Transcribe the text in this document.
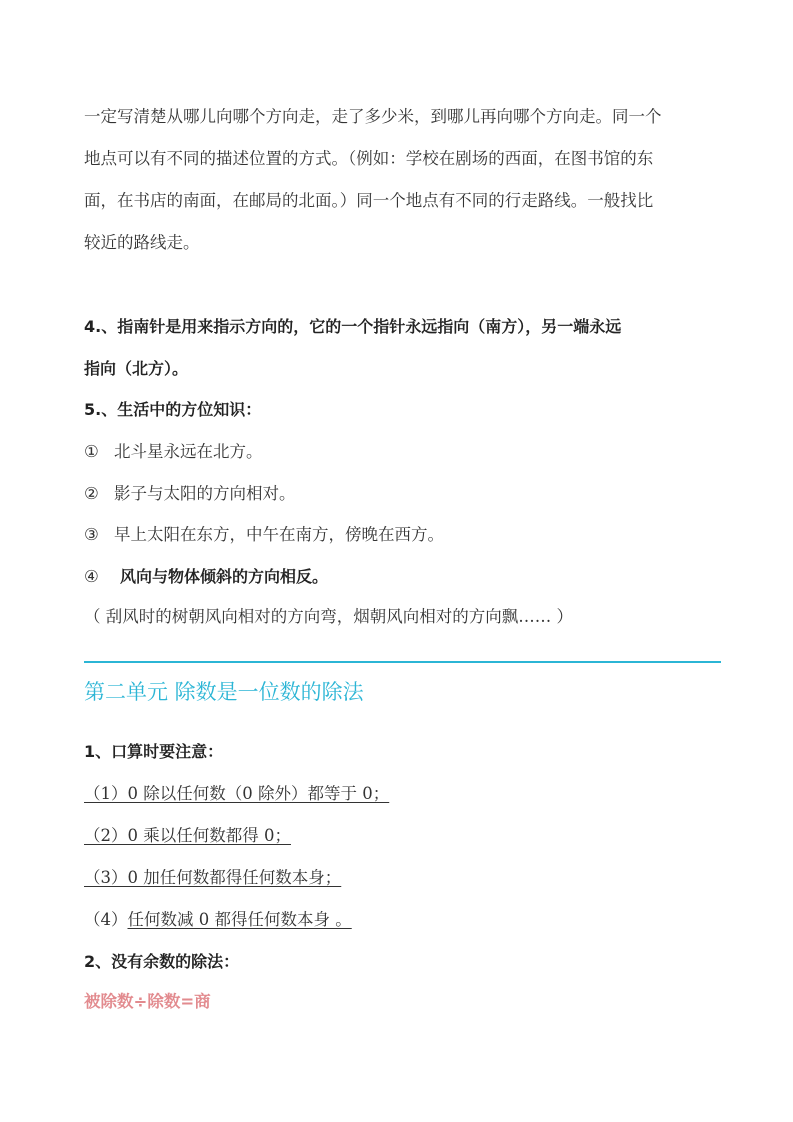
一定写清楚从哪儿向哪个方向走，走了多少米，到哪儿再向哪个方向走。同一个
地点可以有不同的描述位置的方式。（例如：学校在剧场的西面，在图书馆的东
面，在书店的南面，在邮局的北面。）同一个地点有不同的行走路线。一般找比
较近的路线走。
4.、指南针是用来指示方向的，它的一个指针永远指向（南方），另一端永远
指向（北方）。
5.、生活中的方位知识：
① 北斗星永远在北方。
② 影子与太阳的方向相对。
③ 早上太阳在东方，中午在南方，傍晚在西方。
④ 风向与物体倾斜的方向相反。
（ 刮风时的树朝风向相对的方向弯，烟朝风向相对的方向飘…… ）
第二单元 除数是一位数的除法
1、口算时要注意：
（1）0 除以任何数（0 除外）都等于 0；
（2）0 乘以任何数都得 0；
（3）0 加任何数都得任何数本身；
（4）任何数减 0 都得任何数本身 。
2、没有余数的除法：
被除数÷除数=商
